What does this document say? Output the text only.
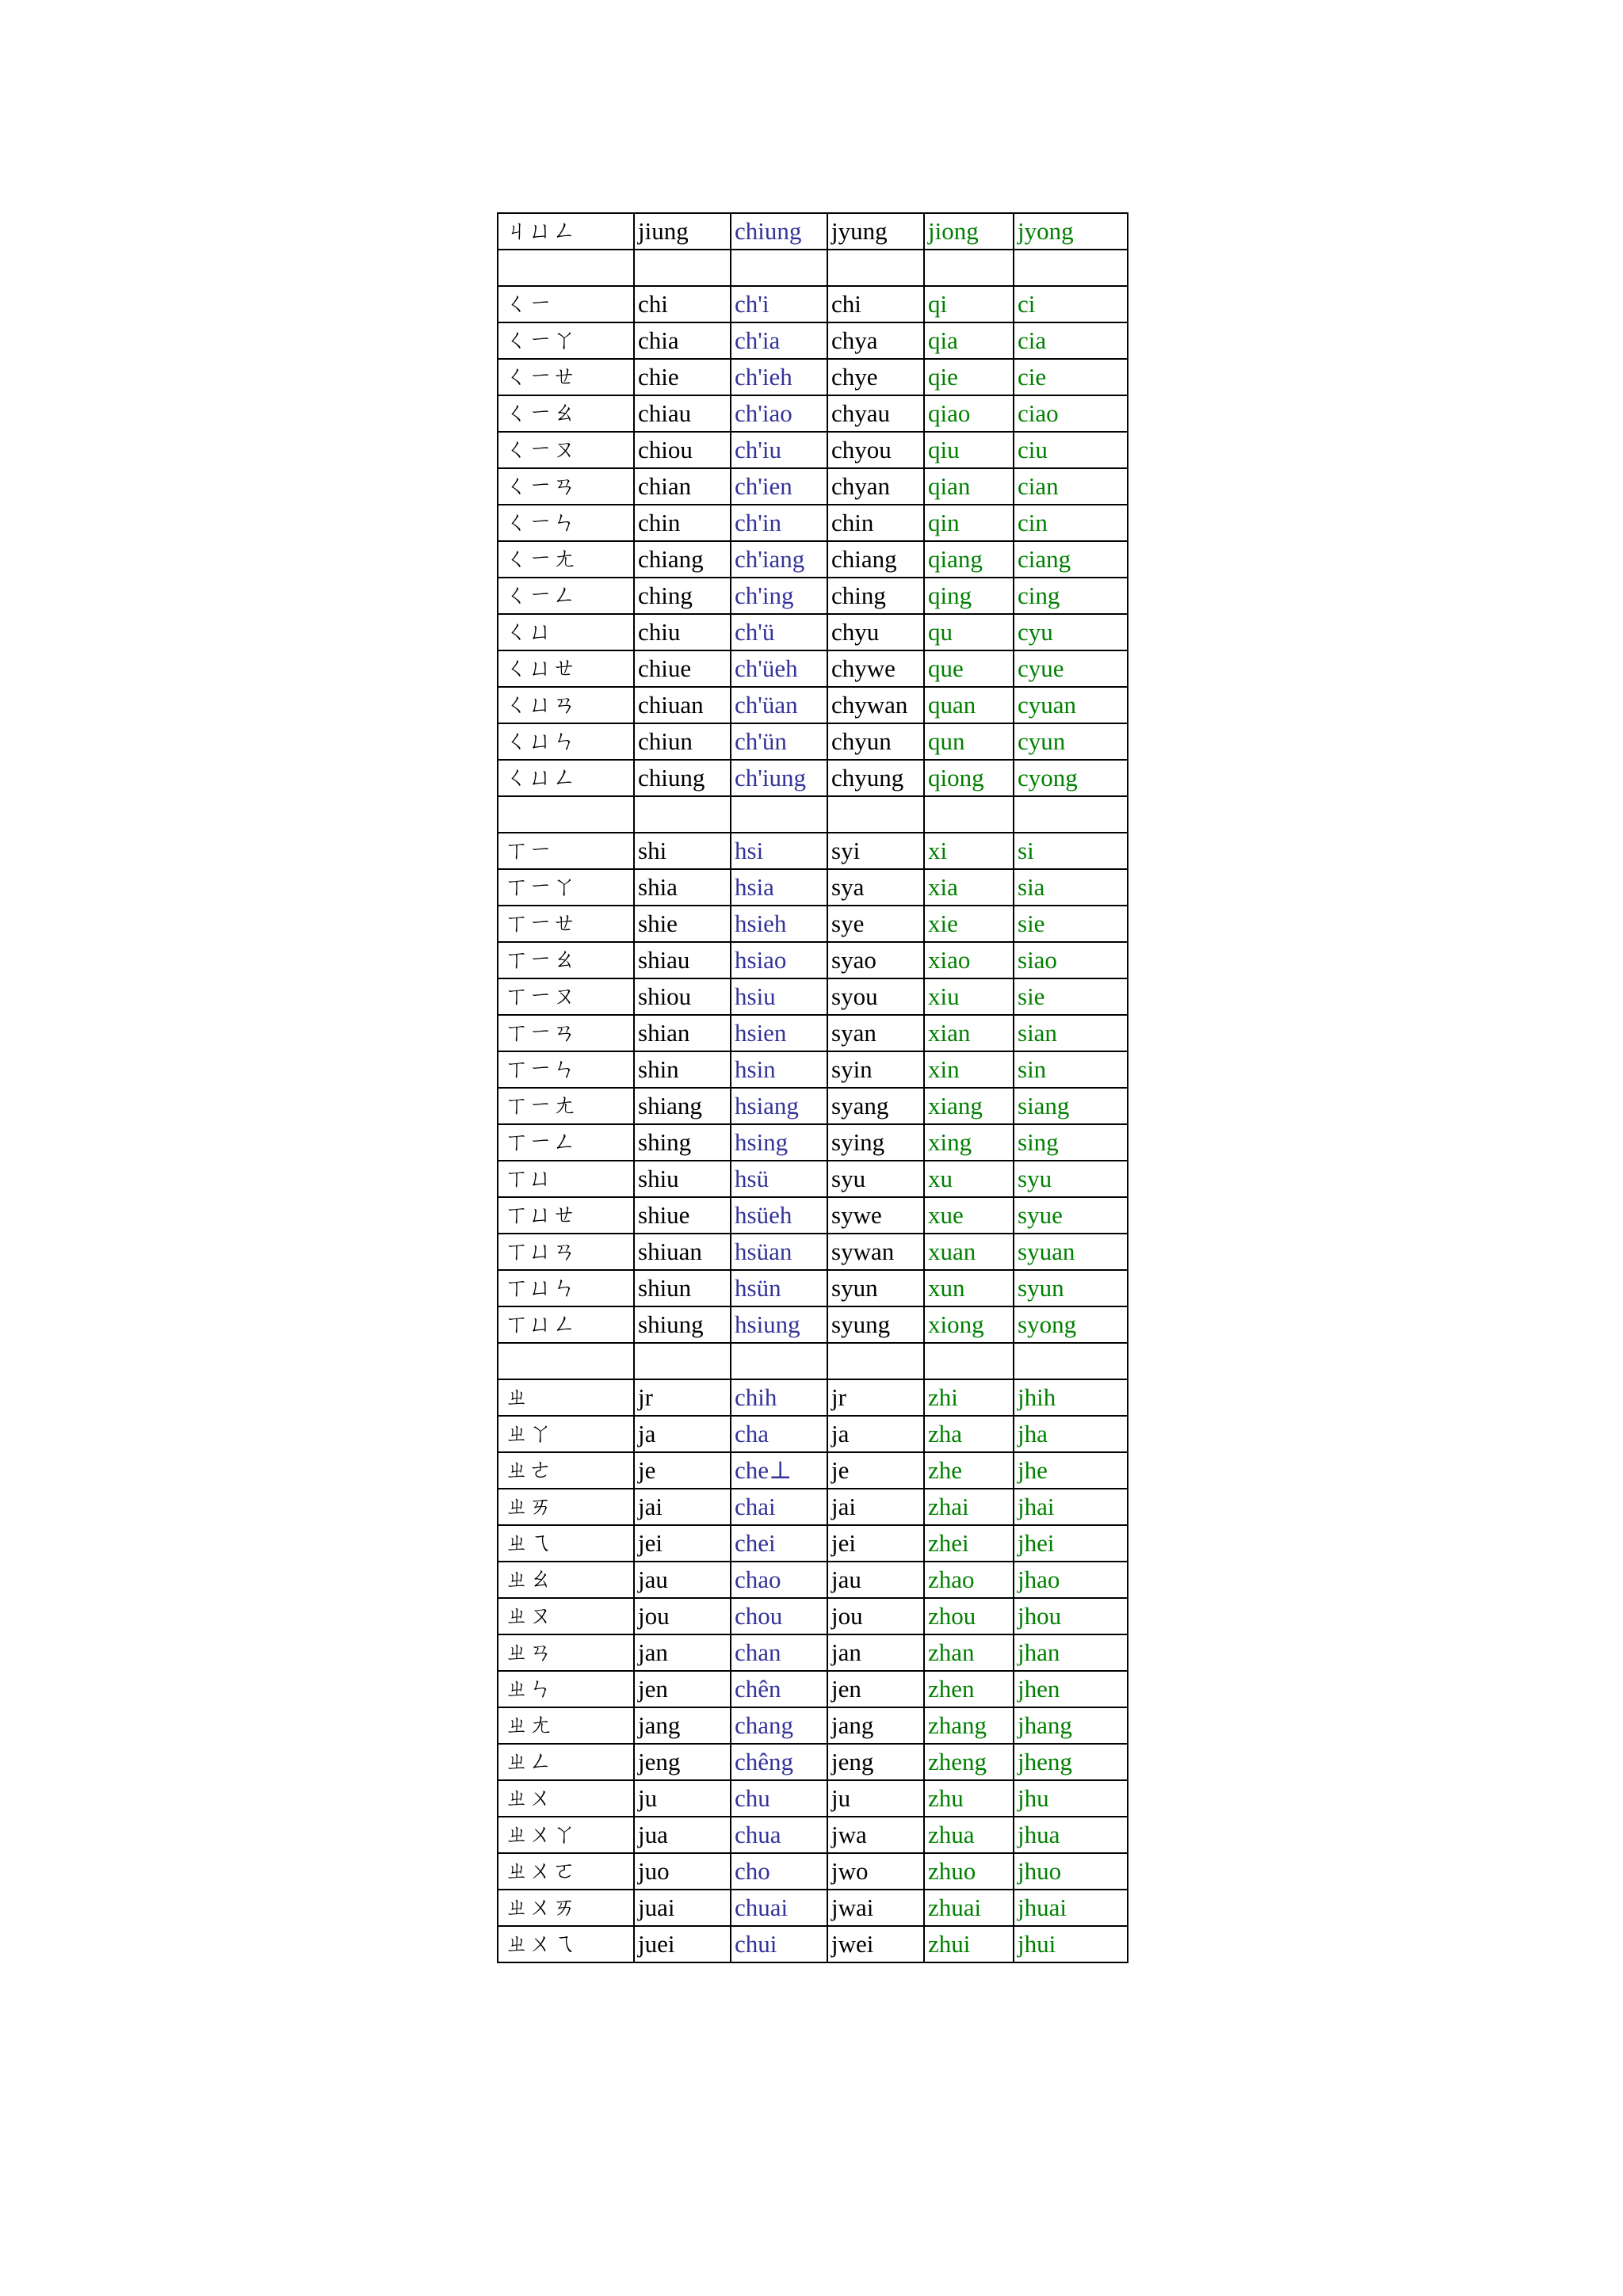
ㄐㄩㄥ	jiung	chiung	jyung	jiong	jyong

ㄑㄧ	chi	ch'i	chi	qi	ci
ㄑㄧㄚ	chia	ch'ia	chya	qia	cia
ㄑㄧㄝ	chie	ch'ieh	chye	qie	cie
ㄑㄧㄠ	chiau	ch'iao	chyau	qiao	ciao
ㄑㄧㄡ	chiou	ch'iu	chyou	qiu	ciu
ㄑㄧㄢ	chian	ch'ien	chyan	qian	cian
ㄑㄧㄣ	chin	ch'in	chin	qin	cin
ㄑㄧㄤ	chiang	ch'iang	chiang	qiang	ciang
ㄑㄧㄥ	ching	ch'ing	ching	qing	cing
ㄑㄩ	chiu	ch'ü	chyu	qu	cyu
ㄑㄩㄝ	chiue	ch'üeh	chywe	que	cyue
ㄑㄩㄢ	chiuan	ch'üan	chywan	quan	cyuan
ㄑㄩㄣ	chiun	ch'ün	chyun	qun	cyun
ㄑㄩㄥ	chiung	ch'iung	chyung	qiong	cyong

ㄒㄧ	shi	hsi	syi	xi	si
ㄒㄧㄚ	shia	hsia	sya	xia	sia
ㄒㄧㄝ	shie	hsieh	sye	xie	sie
ㄒㄧㄠ	shiau	hsiao	syao	xiao	siao
ㄒㄧㄡ	shiou	hsiu	syou	xiu	sie
ㄒㄧㄢ	shian	hsien	syan	xian	sian
ㄒㄧㄣ	shin	hsin	syin	xin	sin
ㄒㄧㄤ	shiang	hsiang	syang	xiang	siang
ㄒㄧㄥ	shing	hsing	sying	xing	sing
ㄒㄩ	shiu	hsü	syu	xu	syu
ㄒㄩㄝ	shiue	hsüeh	sywe	xue	syue
ㄒㄩㄢ	shiuan	hsüan	sywan	xuan	syuan
ㄒㄩㄣ	shiun	hsün	syun	xun	syun
ㄒㄩㄥ	shiung	hsiung	syung	xiong	syong

ㄓ	jr	chih	jr	zhi	jhih
ㄓㄚ	ja	cha	ja	zha	jha
ㄓㄜ	je	che⊥	je	zhe	jhe
ㄓㄞ	jai	chai	jai	zhai	jhai
ㄓㄟ	jei	chei	jei	zhei	jhei
ㄓㄠ	jau	chao	jau	zhao	jhao
ㄓㄡ	jou	chou	jou	zhou	jhou
ㄓㄢ	jan	chan	jan	zhan	jhan
ㄓㄣ	jen	chên	jen	zhen	jhen
ㄓㄤ	jang	chang	jang	zhang	jhang
ㄓㄥ	jeng	chêng	jeng	zheng	jheng
ㄓㄨ	ju	chu	ju	zhu	jhu
ㄓㄨㄚ	jua	chua	jwa	zhua	jhua
ㄓㄨㄛ	juo	cho	jwo	zhuo	jhuo
ㄓㄨㄞ	juai	chuai	jwai	zhuai	jhuai
ㄓㄨㄟ	juei	chui	jwei	zhui	jhui
